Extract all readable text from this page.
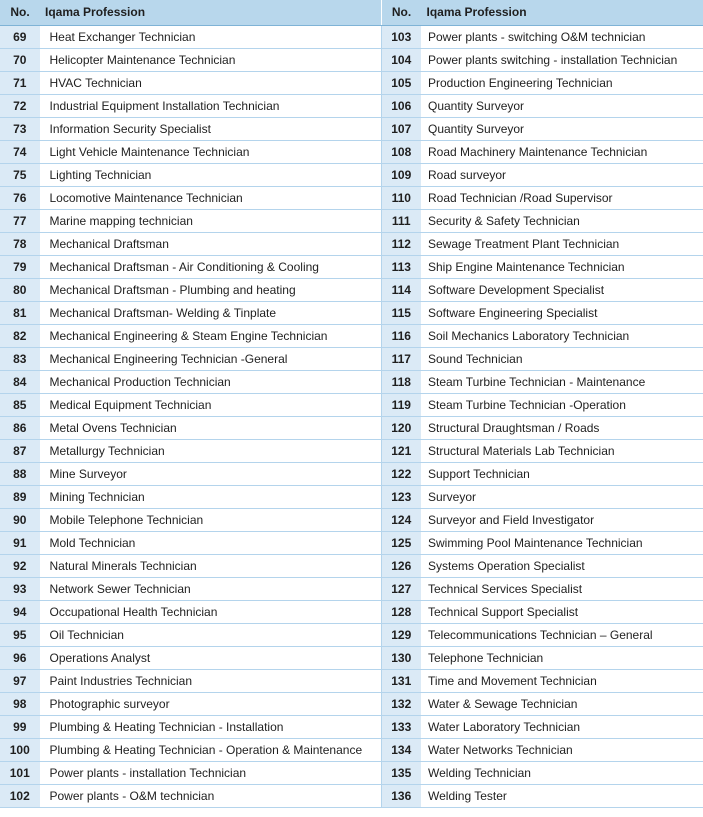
No.	Iqama Profession
69	Heat Exchanger Technician
70	Helicopter Maintenance Technician
71	HVAC Technician
72	Industrial Equipment Installation Technician
73	Information Security Specialist
74	Light Vehicle Maintenance Technician
75	Lighting Technician
76	Locomotive Maintenance Technician
77	Marine mapping technician
78	Mechanical Draftsman
79	Mechanical Draftsman - Air Conditioning & Cooling
80	Mechanical Draftsman - Plumbing and heating
81	Mechanical Draftsman- Welding & Tinplate
82	Mechanical Engineering & Steam Engine Technician
83	Mechanical Engineering Technician -General
84	Mechanical Production Technician
85	Medical Equipment Technician
86	Metal Ovens Technician
87	Metallurgy Technician
88	Mine Surveyor
89	Mining Technician
90	Mobile Telephone Technician
91	Mold Technician
92	Natural Minerals Technician
93	Network Sewer Technician
94	Occupational Health Technician
95	Oil Technician
96	Operations Analyst
97	Paint Industries Technician
98	Photographic surveyor
99	Plumbing & Heating Technician - Installation
100	Plumbing & Heating Technician - Operation & Maintenance
101	Power plants - installation Technician
102	Power plants - O&M technician
No.	Iqama Profession
103	Power plants - switching O&M technician
104	Power plants switching - installation Technician
105	Production Engineering Technician
106	Quantity Surveyor
107	Quantity Surveyor
108	Road Machinery Maintenance Technician
109	Road surveyor
110	Road Technician /Road Supervisor
111	Security & Safety Technician
112	Sewage Treatment Plant Technician
113	Ship Engine Maintenance Technician
114	Software Development Specialist
115	Software Engineering Specialist
116	Soil Mechanics Laboratory Technician
117	Sound Technician
118	Steam Turbine Technician - Maintenance
119	Steam Turbine Technician -Operation
120	Structural Draughtsman / Roads
121	Structural Materials Lab Technician
122	Support Technician
123	Surveyor
124	Surveyor and Field Investigator
125	Swimming Pool Maintenance Technician
126	Systems Operation Specialist
127	Technical Services Specialist
128	Technical Support Specialist
129	Telecommunications Technician – General
130	Telephone Technician
131	Time and Movement Technician
132	Water & Sewage Technician
133	Water Laboratory Technician
134	Water Networks Technician
135	Welding Technician
136	Welding Tester
